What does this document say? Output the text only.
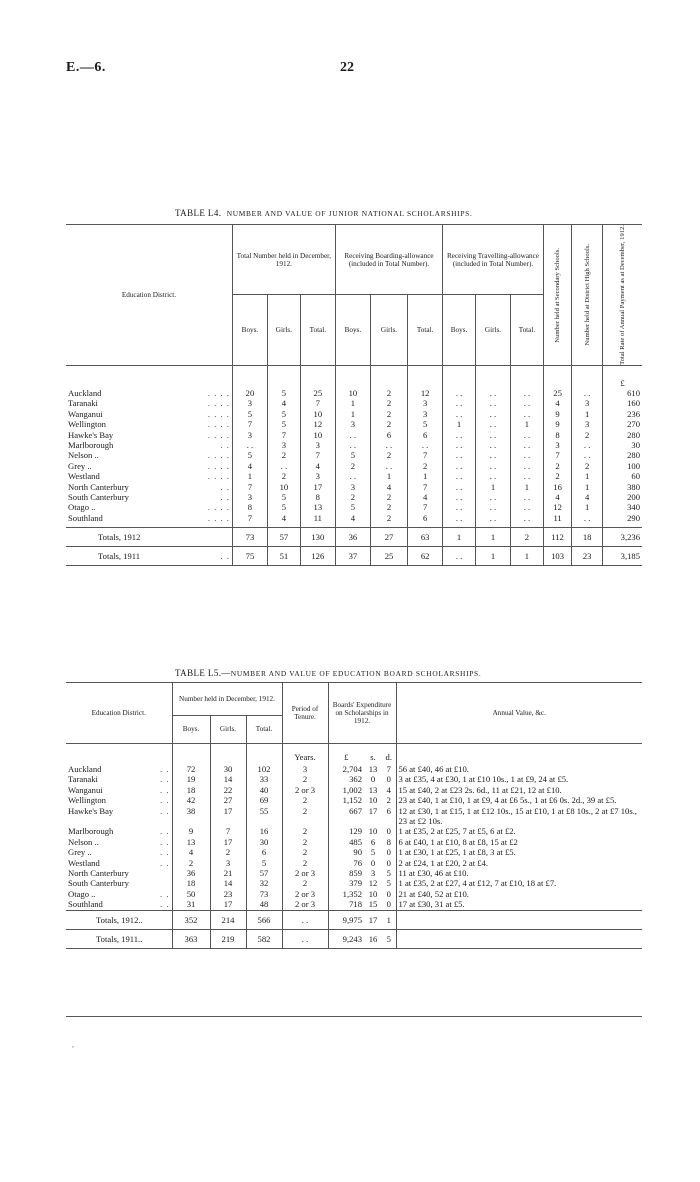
E.—6.	22
TABLE L4. NUMBER AND VALUE OF JUNIOR NATIONAL SCHOLARSHIPS.
Education District.	Total Number held in December, 1912.			Receiving Boarding-allowance (included in Total Number).			Receiving Travelling-allowance (included in Total Number).			Number held at Secondary Schools.	Number held at District High Schools.	Total Rate of Annual Payment as at December, 1912.

	Boys.	Girls.	Total.	Boys.	Girls.	Total.	Boys.	Girls.	Total.			
												£
Auckland . . . .	20	5	25	10	2	12	. .	. .	. .	25	. .	610
Taranaki . . . .	3	4	7	1	2	3	. .	. .	. .	4	3	160
Wanganui . . . .	5	5	10	1	2	3	. .	. .	. .	9	1	236
Wellington . . . .	7	5	12	3	2	5	1	. .	1	9	3	270
Hawke's Bay . . . .	3	7	10	. .	6	6	. .	. .	. .	8	2	280
Marlborough . .	. .	3	3	. .	. .	. .	. .	. .	. .	3	. .	30
Nelson .. . . . .	5	2	7	5	2	7	. .	. .	. .	7	. .	280
Grey .. . . . .	4	. .	4	2	. .	2	. .	. .	. .	2	2	100
Westland . . . .	1	2	3	. .	1	1	. .	. .	. .	2	1	60
North Canterbury . .	7	10	17	3	4	7	. .	1	1	16	1	380
South Canterbury . .	3	5	8	2	2	4	. .	. .	. .	4	4	200
Otago .. . . . .	8	5	13	5	2	7	. .	. .	. .	12	1	340
Southland . . . .	7	4	11	4	2	6	. .	. .	. .	11	. .	290

Totals, 1912	73	57	130	36	27	63	1	1	2	112	18	3,236
Totals, 1911 . .	75	51	126	37	25	62	. .	1	1	103	23	3,185
TABLE L5.—NUMBER AND VALUE OF EDUCATION BOARD SCHOLARSHIPS.
Education District.	Number held in December, 1912.			Period of Tenure.	Boards' Expenditure on Scholarships in 1912.			Annual Value, &c.
	Boys.	Girls.	Total.					
				Years.	£	s.	d.	
Auckland . .	72	30	102	3	2,704	13	7	56 at £40, 46 at £10.
Taranaki . .	19	14	33	2	362	0	0	3 at £35, 4 at £30, 1 at £10 10s., 1 at £9, 24 at £5.
Wanganui . .	18	22	40	2 or 3	1,002	13	4	15 at £40, 2 at £23 2s. 6d., 11 at £21, 12 at £10.
Wellington . .	42	27	69	2	1,152	10	2	23 at £40, 1 at £10, 1 at £9, 4 at £6 5s., 1 at £6 0s. 2d., 39 at £5.
Hawke's Bay . .	38	17	55	2	667	17	6	12 at £30, 1 at £15, 1 at £12 10s., 15 at £10, 1 at £8 10s., 2 at £7 10s., 23 at £2 10s.
Marlborough . .	9	7	16	2	129	10	0	1 at £35, 2 at £25, 7 at £5, 6 at £2.
Nelson .. . .	13	17	30	2	485	6	8	6 at £40, 1 at £10, 8 at £8, 15 at £2
Grey .. . .	4	2	6	2	90	5	0	1 at £30, 1 at £25, 1 at £8, 3 at £5.
Westland . .	2	3	5	2	76	0	0	2 at £24, 1 at £20, 2 at £4.
North Canterbury	36	21	57	2 or 3	859	3	5	11 at £30, 46 at £10.
South Canterbury	18	14	32	2	379	12	5	1 at £35, 2 at £27, 4 at £12, 7 at £10, 18 at £7.
Otago .. . .	50	23	73	2 or 3	1,352	10	0	21 at £40, 52 at £10.
Southland . .	31	17	48	2 or 3	718	15	0	17 at £30, 31 at £5.
Totals, 1912..	352	214	566	. .	9,975	17	1	
Totals, 1911..	363	219	582	. .	9,243	16	5	
,
